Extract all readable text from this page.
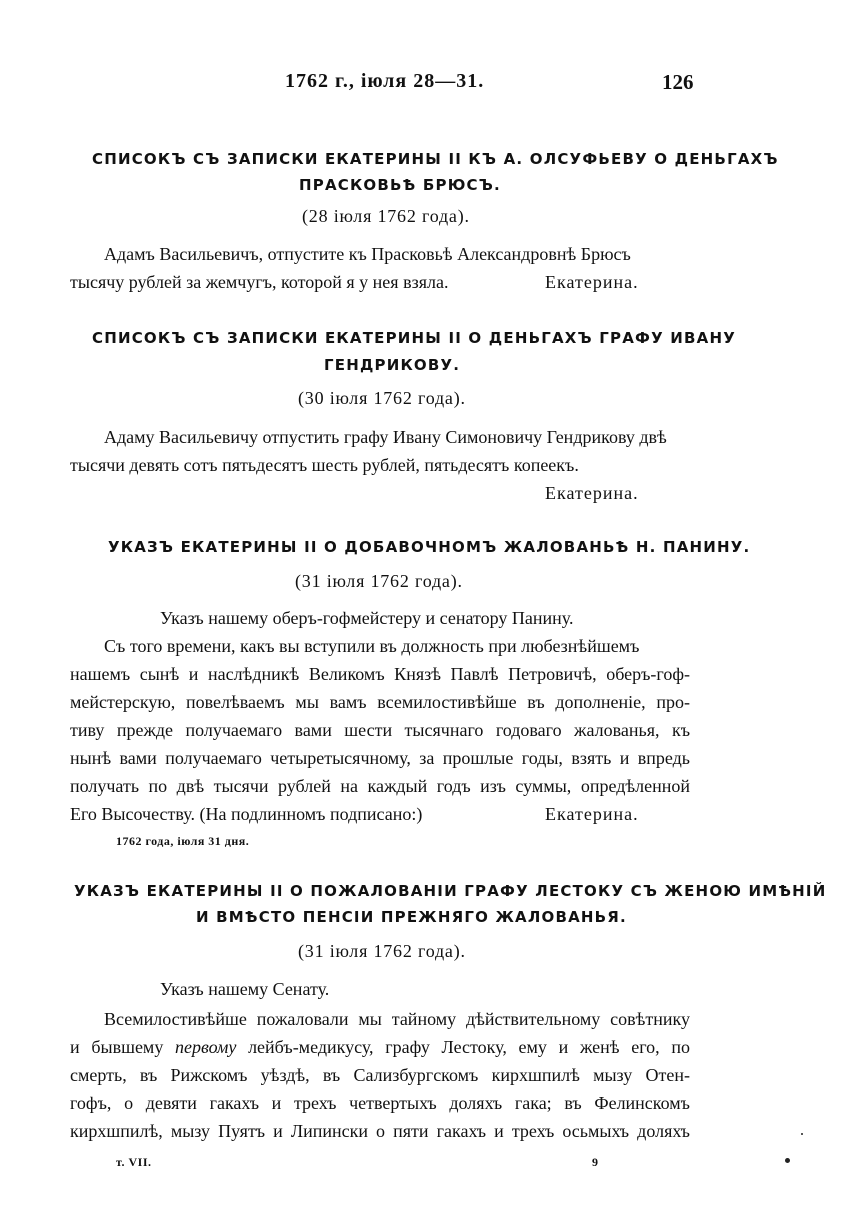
1762 г., іюля 28—31.	126
СПИСОКЪ СЪ ЗАПИСКИ ЕКАТЕРИНЫ II КЪ А. ОЛСУФЬЕВУ О ДЕНЬГАХЪ
ПРАСКОВЬѢ БРЮСЪ.
(28 іюля 1762 года).
Адамъ Васильевичъ, отпустите къ Прасковьѣ Александровнѣ Брюсъ
тысячу рублей за жемчугъ, которой я у нея взяла.	Екатерина.
СПИСОКЪ СЪ ЗАПИСКИ ЕКАТЕРИНЫ II О ДЕНЬГАХЪ ГРАФУ ИВАНУ
ГЕНДРИКОВУ.
(30 іюля 1762 года).
Адаму Васильевичу отпустить графу Ивану Симоновичу Гендрикову двѣ
тысячи девять сотъ пятьдесятъ шесть рублей, пятьдесятъ копеекъ.
Екатерина.
УКАЗЪ ЕКАТЕРИНЫ II О ДОБАВОЧНОМЪ ЖАЛОВАНЬѢ Н. ПАНИНУ.
(31 іюля 1762 года).
Указъ нашему оберъ-гофмейстеру и сенатору Панину.
Съ того времени, какъ вы вступили въ должность при любезнѣйшемъ
нашемъ сынѣ и наслѣдникѣ Великомъ Князѣ Павлѣ Петровичѣ, оберъ-гоф-
мейстерскую, повелѣваемъ мы вамъ всемилостивѣйше въ дополненіе, про-
тиву прежде получаемаго вами шести тысячнаго годоваго жалованья, къ
нынѣ вами получаемаго четыретысячному, за прошлые годы, взять и впредь
получать по двѣ тысячи рублей на каждый годъ изъ суммы, опредѣленной
Его Высочеству. (На подлинномъ подписано:)	Екатерина.
1762 года, іюля 31 дня.
УКАЗЪ ЕКАТЕРИНЫ II О ПОЖАЛОВАНІИ ГРАФУ ЛЕСТОКУ СЪ ЖЕНОЮ ИМѢНІЙ
И ВМѢСТО ПЕНСІИ ПРЕЖНЯГО ЖАЛОВАНЬЯ.
(31 іюля 1762 года).
Указъ нашему Сенату.
Всемилостивѣйше пожаловали мы тайному дѣйствительному совѣтнику
и бывшему первому лейбъ-медикусу, графу Лестоку, ему и женѣ его, по
смерть, въ Рижскомъ уѣздѣ, въ Сализбургскомъ кирхшпилѣ мызу Отен-
гофъ, о девяти гакахъ и трехъ четвертыхъ доляхъ гака; въ Фелинскомъ
кирхшпилѣ, мызу Пуятъ и Липински о пяти гакахъ и трехъ осьмыхъ доляхъ
т. VII.	9
